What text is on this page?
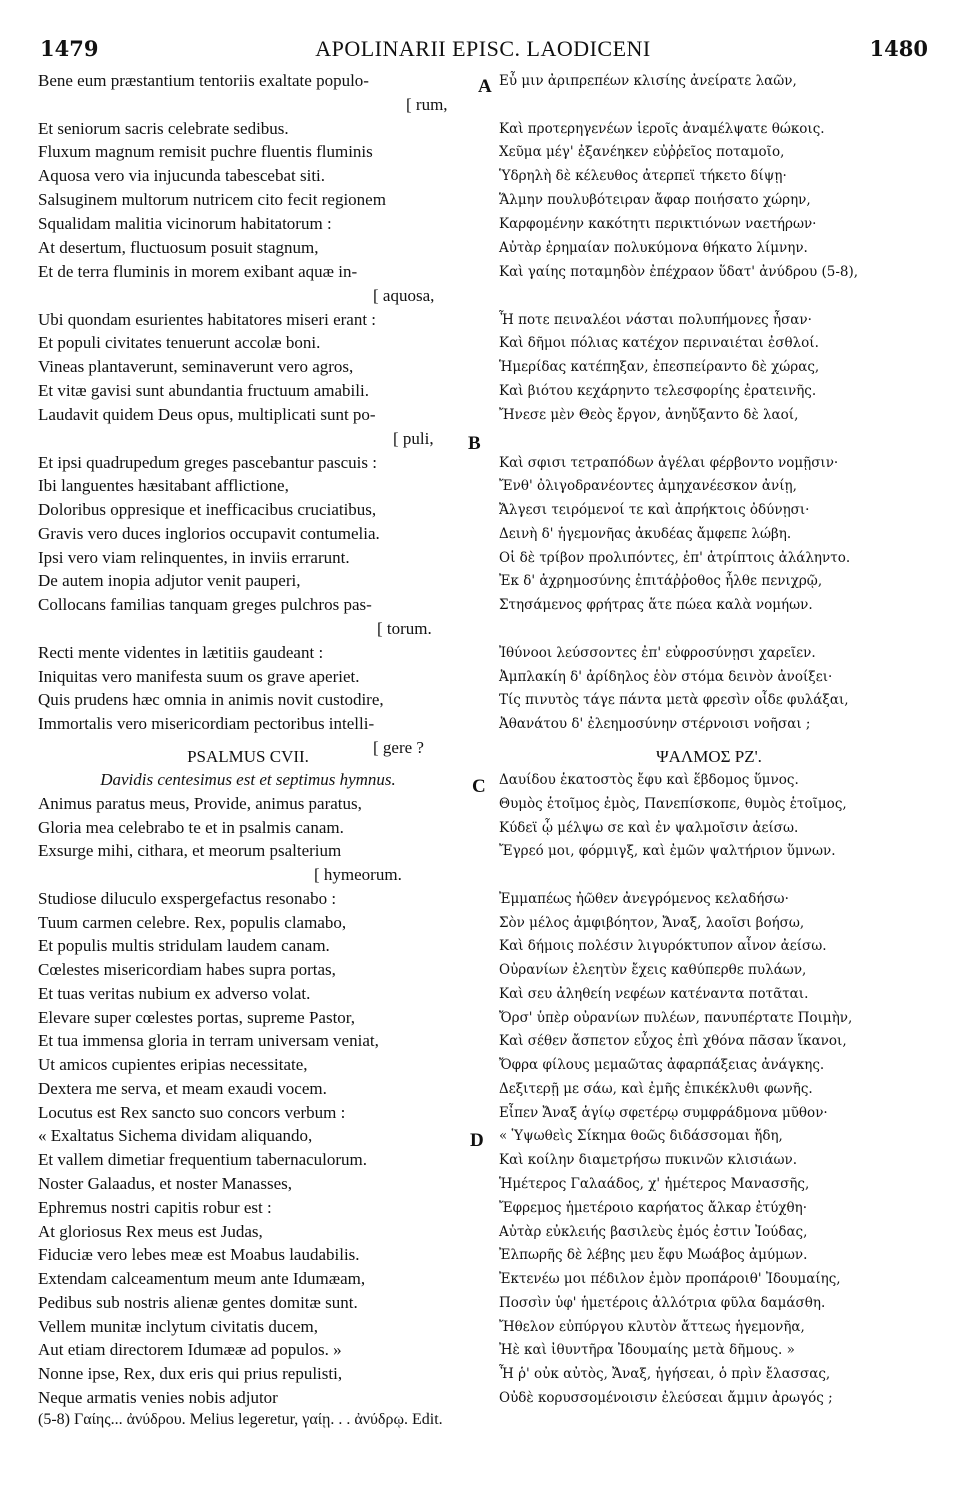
1479	APOLINARII EPISC. LAODICENI	1480
A
B
C
D
Bene eum præstantium tentoriis exaltate populo-
[ rum,
Et seniorum sacris celebrate sedibus.
Fluxum magnum remisit puchre fluentis fluminis
Aquosa vero via injucunda tabescebat siti.
Salsuginem multorum nutricem cito fecit regionem
Squalidam malitia vicinorum habitatorum :
At desertum, fluctuosum posuit stagnum,
Et de terra fluminis in morem exibant aquæ in-
[ aquosa,
Ubi quondam esurientes habitatores miseri erant :
Et populi civitates tenuerunt accolæ boni.
Vineas plantaverunt, seminaverunt vero agros,
Et vitæ gavisi sunt abundantia fructuum amabili.
Laudavit quidem Deus opus, multiplicati sunt po-
[ puli,
Et ipsi quadrupedum greges pascebantur pascuis :
Ibi languentes hæsitabant afflictione,
Doloribus oppresique et inefficacibus cruciatibus,
Gravis vero duces inglorios occupavit contumelia.
Ipsi vero viam relinquentes, in inviis errarunt.
De autem inopia adjutor venit pauperi,
Collocans familias tanquam greges pulchros pas-
[ torum.
Recti mente videntes in lætitiis gaudeant :
Iniquitas vero manifesta suum os grave aperiet.
Quis prudens hæc omnia in animis novit custodire,
Immortalis vero misericordiam pectoribus intelli-
[ gere ?
PSALMUS CVII.
Davidis centesimus est et septimus hymnus.
Animus paratus meus, Provide, animus paratus,
Gloria mea celebrabo te et in psalmis canam.
Exsurge mihi, cithara, et meorum psalterium
[ hymeorum.
Studiose diluculo exspergefactus resonabo :
Tuum carmen celebre. Rex, populis clamabo,
Et populis multis stridulam laudem canam.
Cœlestes misericordiam habes supra portas,
Et tuas veritas nubium ex adverso volat.
Elevare super cœlestes portas, supreme Pastor,
Et tua immensa gloria in terram universam veniat,
Ut amicos cupientes eripias necessitate,
Dextera me serva, et meam exaudi vocem.
Locutus est Rex sancto suo concors verbum :
« Exaltatus Sichema dividam aliquando,
Et vallem dimetiar frequentium tabernaculorum.
Noster Galaadus, et noster Manasses,
Ephremus nostri capitis robur est :
At gloriosus Rex meus est Judas,
Fiduciæ vero lebes meæ est Moabus laudabilis.
Extendam calceamentum meum ante Idumæam,
Pedibus sub nostris alienæ gentes domitæ sunt.
Vellem munitæ inclytum civitatis ducem,
Aut etiam directorem Idumææ ad populos. »
Nonne ipse, Rex, dux eris qui prius repulisti,
Neque armatis venies nobis adjutor
Εὖ μιν ἀριπρεπέων κλισίης ἀνείρατε λαῶν,
Καὶ προτερηγενέων ἱεροῖς ἀναμέλψατε θώκοις.
Χεῦμα μέγ' ἐξανέηκεν εὐῤῥεῖος ποταμοῖο,
Ὑδρηλὴ δὲ κέλευθος ἀτερπεϊ τήκετο δίψῃ·
Ἅλμην πουλυβότειραν ἄφαρ ποιήσατο χώρην,
Καρφομένην κακότητι περικτιόνων ναετήρων·
Αὐτὰρ ἐρημαίαν πολυκύμονα θήκατο λίμνην.
Καὶ γαίης ποταμηδὸν ἐπέχραον ὕδατ' ἀνύδρου (5-8),
Ἦ ποτε πειναλέοι νάσται πολυπήμονες ἦσαν·
Καὶ δῆμοι πόλιας κατέχον περιναιέται ἐσθλοί.
Ἡμερίδας κατέπηξαν, ἐπεσπείραντο δὲ χώρας,
Καὶ βιότου κεχάρηντο τελεσφορίης ἐρατεινῆς.
Ἤνεσε μὲν Θεὸς ἔργον, ἀνηὔξαντο δὲ λαοί,
Καὶ σφισι τετραπόδων ἀγέλαι φέρβοντο νομῇσιν·
Ἔνθ' ὀλιγοδρανέοντες ἀμηχανέεσκον ἀνίῃ,
Ἄλγεσι τειρόμενοί τε καὶ ἀπρήκτοις ὀδύνῃσι·
Δεινὴ δ' ἡγεμονῆας ἀκυδέας ἄμφεπε λώβη.
Οἱ δὲ τρίβον προλιπόντες, ἐπ' ἀτρίπτοις ἀλάληντο.
Ἐκ δ' ἀχρημοσύνης ἐπιτάῤῥοθος ἦλθε πενιχρῷ,
Στησάμενος φρήτρας ἅτε πώεα καλὰ νομήων.
Ἰθύνοοι λεύσσοντες ἐπ' εὐφροσύνῃσι χαρεῖεν.
Ἀμπλακίη δ' ἀρίδηλος ἑὸν στόμα δεινὸν ἀνοίξει·
Τίς πινυτὸς τάγε πάντα μετὰ φρεσὶν οἶδε φυλάξαι,
Ἀθανάτου δ' ἐλεημοσύνην στέρνοισι νοῆσαι ;
ΨΑΛΜΟΣ ΡΖ'.
Δαυίδου ἑκατοστὸς ἔφυ καὶ ἕβδομος ὕμνος.
Θυμὸς ἑτοῖμος ἐμὸς, Πανεπίσκοπε, θυμὸς ἑτοῖμος,
Κύδεϊ ᾧ μέλψω σε καὶ ἐν ψαλμοῖσιν ἀείσω.
Ἔγρεό μοι, φόρμιγξ, καὶ ἐμῶν ψαλτήριον ὕμνων.
Ἐμμαπέως ἠῶθεν ἀνεγρόμενος κελαδήσω·
Σὸν μέλος ἀμφιβόητον, Ἄναξ, λαοῖσι βοήσω,
Καὶ δήμοις πολέσιν λιγυρόκτυπον αἶνον ἀείσω.
Οὐρανίων ἐλεητὺν ἔχεις καθύπερθε πυλάων,
Καὶ σευ ἀληθείη νεφέων κατέναντα ποτᾶται.
Ὄρσ' ὑπὲρ οὐρανίων πυλέων, πανυπέρτατε Ποιμὴν,
Καὶ σέθεν ἄσπετον εὖχος ἐπὶ χθόνα πᾶσαν ἵκανοι,
Ὄφρα φίλους μεμαῶτας ἀφαρπάξειας ἀνάγκης.
Δεξιτερῇ με σάω, καὶ ἐμῆς ἐπικέκλυθι φωνῆς.
Εἶπεν Ἄναξ ἁγίῳ σφετέρῳ συμφράδμονα μῦθον·
« Ὑψωθεὶς Σίκημα θοῶς διδάσσομαι ἤδη,
Καὶ κοίλην διαμετρήσω πυκινῶν κλισιάων.
Ἡμέτερος Γαλαάδος, χ' ἡμέτερος Μανασσῆς,
Ἔφρεμος ἡμετέροιο καρήατος ἄλκαρ ἐτύχθη·
Αὐτὰρ εὐκλειής βασιλεὺς ἐμός ἐστιν Ἰούδας,
Ἐλπωρῆς δὲ λέβης μευ ἔφυ Μωάβος ἀμύμων.
Ἐκτενέω μοι πέδιλον ἐμὸν προπάροιθ' Ἰδουμαίης,
Ποσσὶν ὑφ' ἡμετέροις ἀλλότρια φῦλα δαμάσθη.
Ἤθελον εὐπύργου κλυτὸν ἄττεως ἡγεμονῆα,
Ἠὲ καὶ ἰθυντῆρα Ἰδουμαίης μετὰ δῆμους. »
Ἦ ῥ' οὐκ αὐτὸς, Ἄναξ, ἡγήσεαι, ὁ πρὶν ἔλασσας,
Οὐδὲ κορυσσομένοισιν ἐλεύσεαι ἄμμιν ἀρωγός ;
(5-8) Γαίης... ἀνύδρου. Melius legeretur, γαίῃ. . . ἀνύδρῳ. Edit.
